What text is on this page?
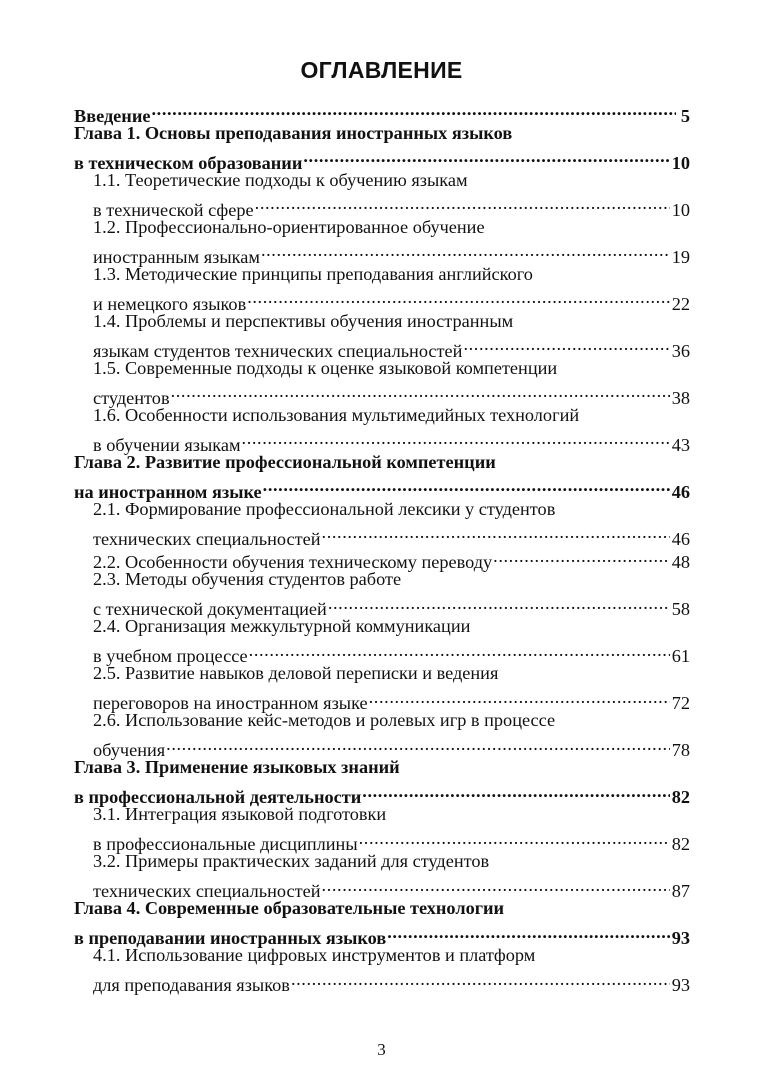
ОГЛАВЛЕНИЕ
Введение .....	5
Глава 1. Основы преподавания иностранных языков
в техническом образовании .....	10
1.1. Теоретические подходы к обучению языкам
в технической сфере .....	10
1.2. Профессионально-ориентированное обучение
иностранным языкам .....	19
1.3. Методические принципы преподавания английского
и немецкого языков .....	22
1.4. Проблемы и перспективы обучения иностранным
языкам студентов технических специальностей .....	36
1.5. Современные подходы к оценке языковой компетенции
студентов .....	38
1.6. Особенности использования мультимедийных технологий
в обучении языкам .....	43
Глава 2. Развитие профессиональной компетенции
на иностранном языке .....	46
2.1. Формирование профессиональной лексики у студентов
технических специальностей .....	46
2.2. Особенности обучения техническому переводу .....	48
2.3. Методы обучения студентов работе
с технической документацией .....	58
2.4. Организация межкультурной коммуникации
в учебном процессе .....	61
2.5. Развитие навыков деловой переписки и ведения
переговоров на иностранном языке .....	72
2.6. Использование кейс-методов и ролевых игр в процессе
обучения .....	78
Глава 3. Применение языковых знаний
в профессиональной деятельности .....	82
3.1. Интеграция языковой подготовки
в профессиональные дисциплины .....	82
3.2. Примеры практических заданий для студентов
технических специальностей .....	87
Глава 4. Современные образовательные технологии
в преподавании иностранных языков .....	93
4.1. Использование цифровых инструментов и платформ
для преподавания языков .....	93
3
